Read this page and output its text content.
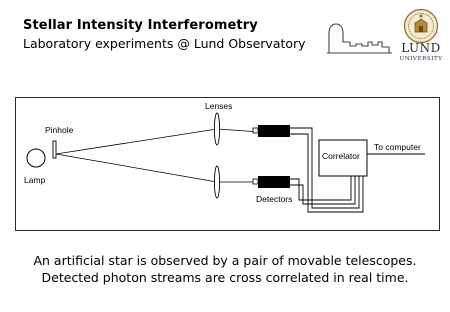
Stellar Intensity Interferometry
Laboratory experiments @ Lund Observatory	LUND
UNIVERSITY
Lenses
Pinhole
Lamp
Correlator
To computer
Detectors
An artificial star is observed by a pair of movable telescopes.
Detected photon streams are cross correlated in real time.
